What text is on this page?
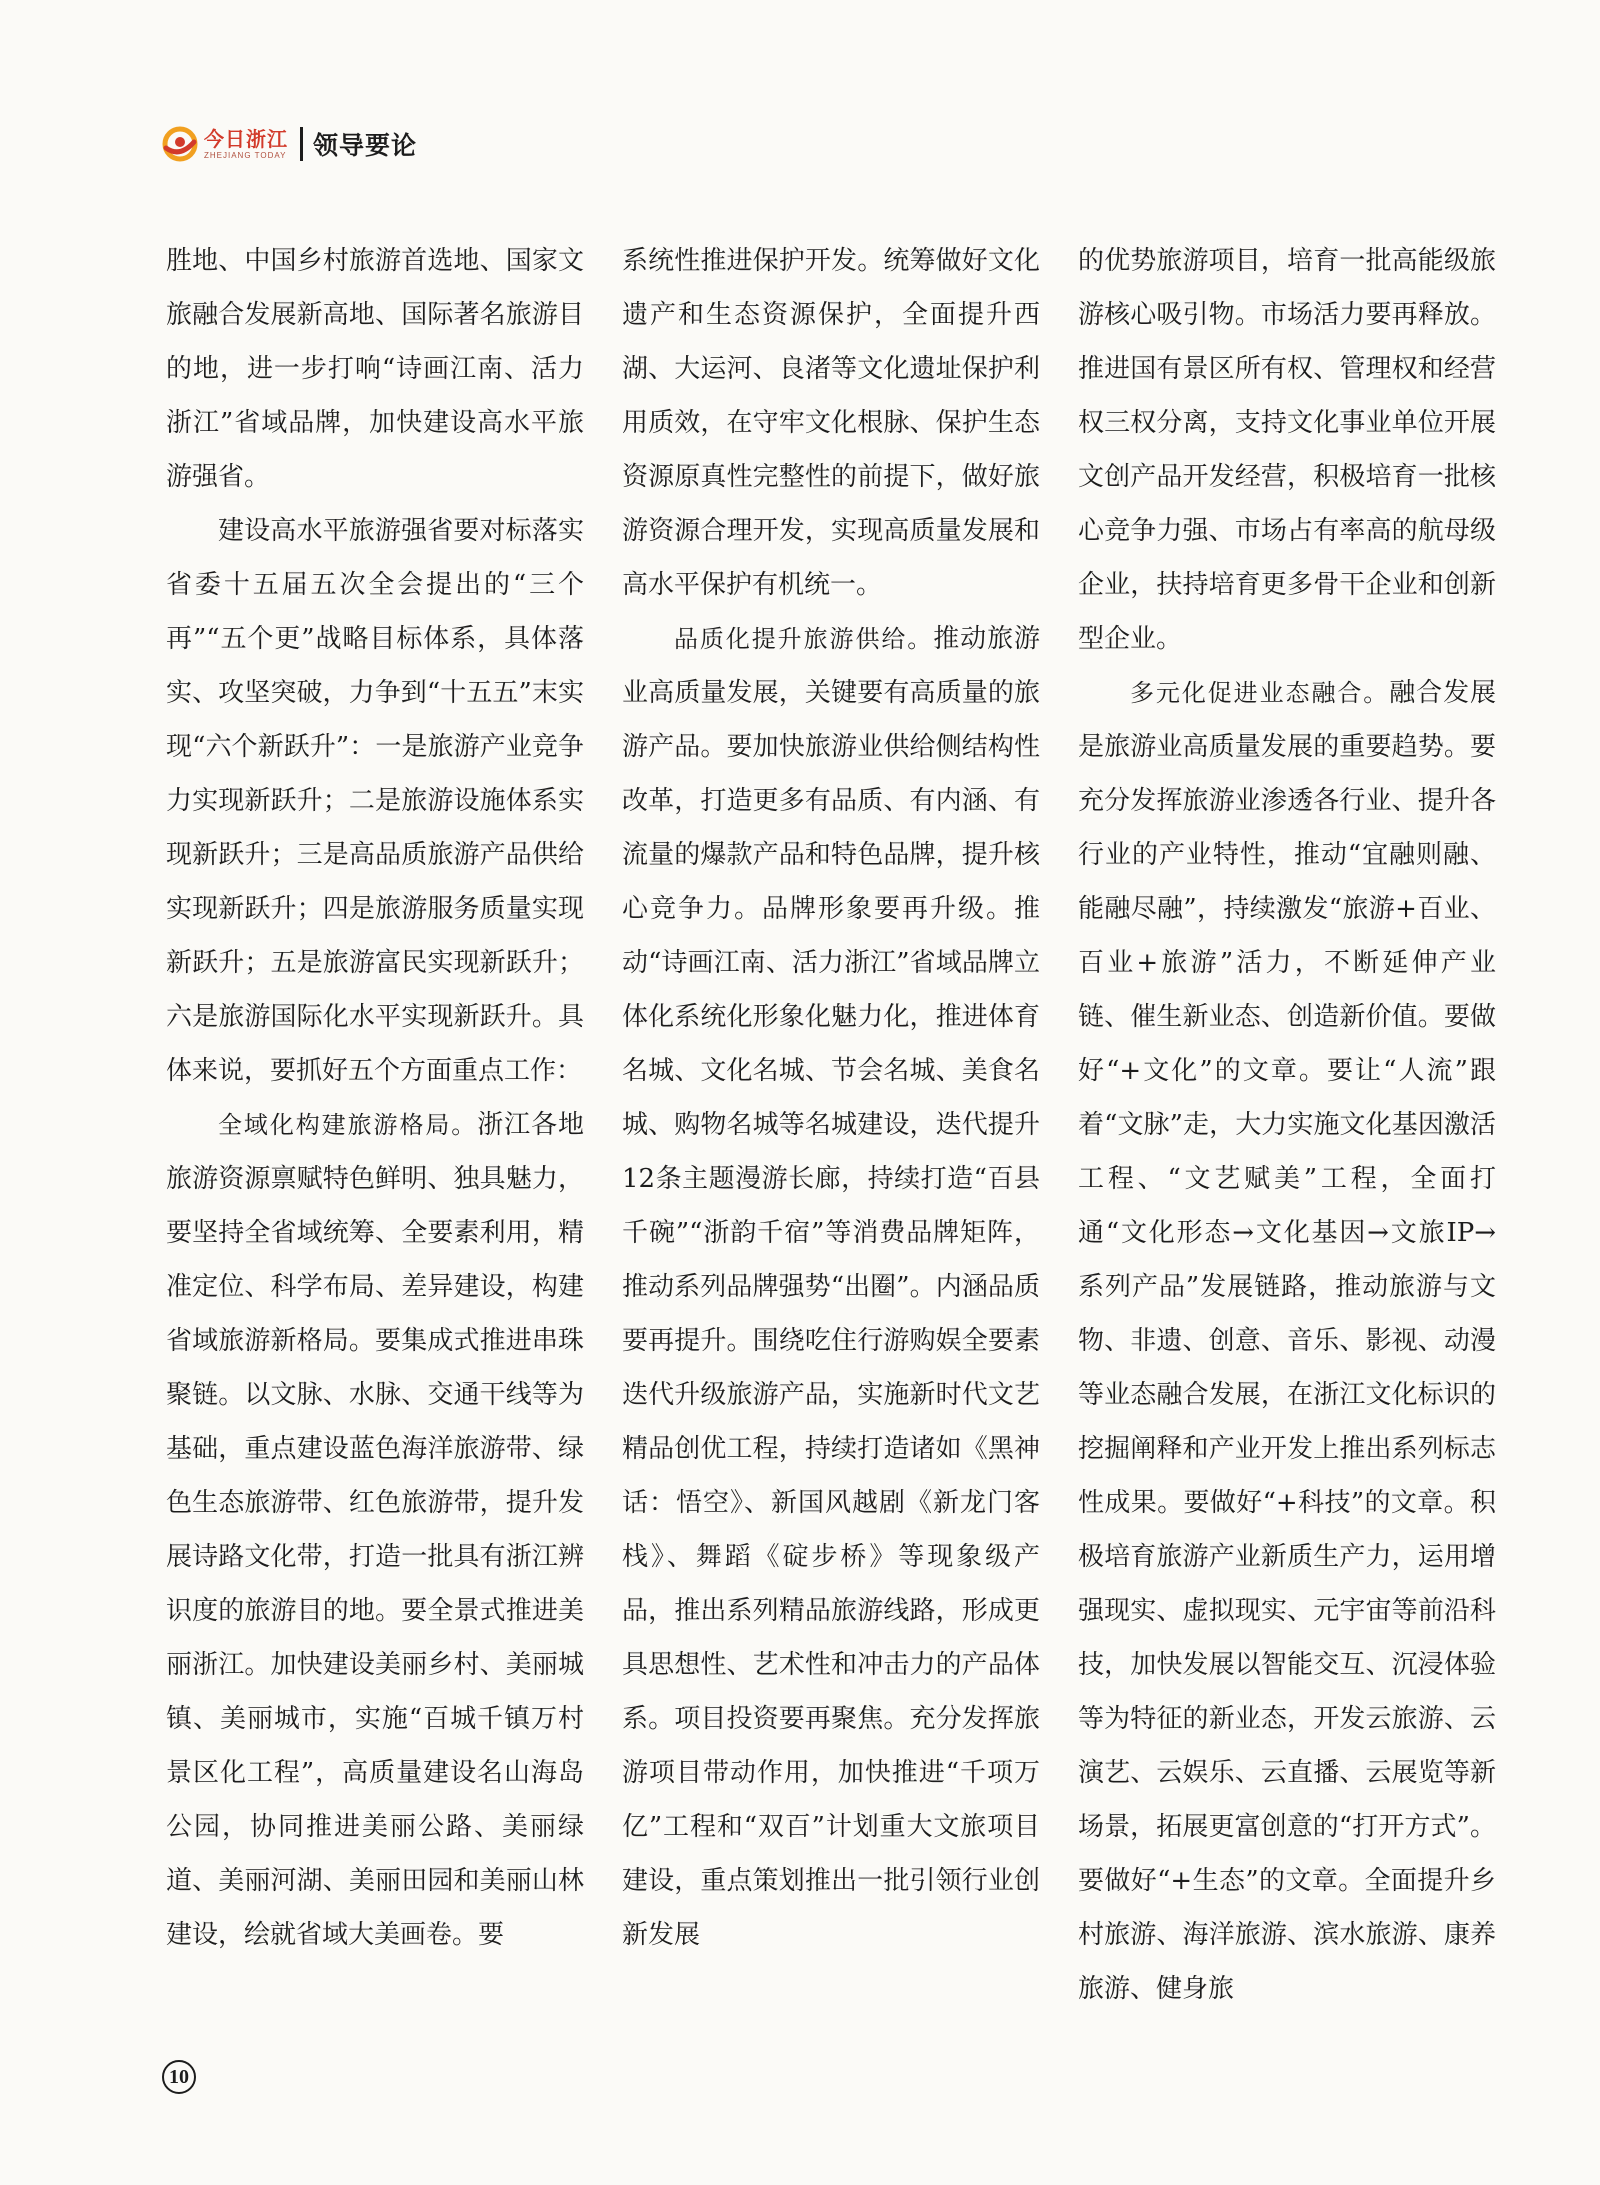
今日浙江
ZHEJIANG TODAY 领导要论

胜地、中国乡村旅游首选地、国家文旅融合发展新高地、国际著名旅游目的地，进一步打响“诗画江南、活力浙江”省域品牌，加快建设高水平旅游强省。

建设高水平旅游强省要对标落实省委十五届五次全会提出的“三个再”“五个更”战略目标体系，具体落实、攻坚突破，力争到“十五五”末实现“六个新跃升”：一是旅游产业竞争力实现新跃升；二是旅游设施体系实现新跃升；三是高品质旅游产品供给实现新跃升；四是旅游服务质量实现新跃升；五是旅游富民实现新跃升；六是旅游国际化水平实现新跃升。具体来说，要抓好五个方面重点工作：

全域化构建旅游格局。浙江各地旅游资源禀赋特色鲜明、独具魅力，要坚持全省域统筹、全要素利用，精准定位、科学布局、差异建设，构建省域旅游新格局。要集成式推进串珠聚链。以文脉、水脉、交通干线等为基础，重点建设蓝色海洋旅游带、绿色生态旅游带、红色旅游带，提升发展诗路文化带，打造一批具有浙江辨识度的旅游目的地。要全景式推进美丽浙江。加快建设美丽乡村、美丽城镇、美丽城市，实施“百城千镇万村景区化工程”，高质量建设名山海岛公园，协同推进美丽公路、美丽绿道、美丽河湖、美丽田园和美丽山林建设，绘就省域大美画卷。要

系统性推进保护开发。统筹做好文化遗产和生态资源保护，全面提升西湖、大运河、良渚等文化遗址保护利用质效，在守牢文化根脉、保护生态资源原真性完整性的前提下，做好旅游资源合理开发，实现高质量发展和高水平保护有机统一。

品质化提升旅游供给。推动旅游业高质量发展，关键要有高质量的旅游产品。要加快旅游业供给侧结构性改革，打造更多有品质、有内涵、有流量的爆款产品和特色品牌，提升核心竞争力。品牌形象要再升级。推动“诗画江南、活力浙江”省域品牌立体化系统化形象化魅力化，推进体育名城、文化名城、节会名城、美食名城、购物名城等名城建设，迭代提升12条主题漫游长廊，持续打造“百县千碗”“浙韵千宿”等消费品牌矩阵，推动系列品牌强势“出圈”。内涵品质要再提升。围绕吃住行游购娱全要素迭代升级旅游产品，实施新时代文艺精品创优工程，持续打造诸如《黑神话：悟空》、新国风越剧《新龙门客栈》、舞蹈《碇步桥》等现象级产品，推出系列精品旅游线路，形成更具思想性、艺术性和冲击力的产品体系。项目投资要再聚焦。充分发挥旅游项目带动作用，加快推进“千项万亿”工程和“双百”计划重大文旅项目建设，重点策划推出一批引领行业创新发展

的优势旅游项目，培育一批高能级旅游核心吸引物。市场活力要再释放。推进国有景区所有权、管理权和经营权三权分离，支持文化事业单位开展文创产品开发经营，积极培育一批核心竞争力强、市场占有率高的航母级企业，扶持培育更多骨干企业和创新型企业。

多元化促进业态融合。融合发展是旅游业高质量发展的重要趋势。要充分发挥旅游业渗透各行业、提升各行业的产业特性，推动“宜融则融、能融尽融”，持续激发“旅游+百业、百业+旅游”活力，不断延伸产业链、催生新业态、创造新价值。要做好“+文化”的文章。要让“人流”跟着“文脉”走，大力实施文化基因激活工程、“文艺赋美”工程，全面打通“文化形态→文化基因→文旅IP→系列产品”发展链路，推动旅游与文物、非遗、创意、音乐、影视、动漫等业态融合发展，在浙江文化标识的挖掘阐释和产业开发上推出系列标志性成果。要做好“+科技”的文章。积极培育旅游产业新质生产力，运用增强现实、虚拟现实、元宇宙等前沿科技，加快发展以智能交互、沉浸体验等为特征的新业态，开发云旅游、云演艺、云娱乐、云直播、云展览等新场景，拓展更富创意的“打开方式”。要做好“+生态”的文章。全面提升乡村旅游、海洋旅游、滨水旅游、康养旅游、健身旅

10
